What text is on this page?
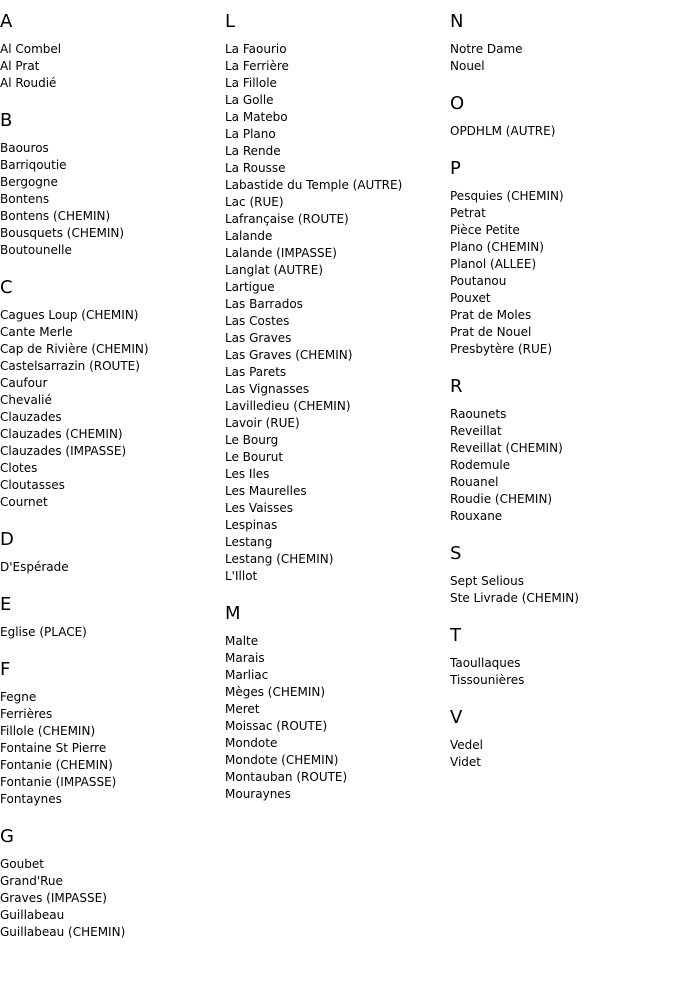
A
Al Combel
Al Prat
Al Roudié
B
Baouros
Barriqoutie
Bergogne
Bontens
Bontens (CHEMIN)
Bousquets (CHEMIN)
Boutounelle
C
Cagues Loup (CHEMIN)
Cante Merle
Cap de Rivière (CHEMIN)
Castelsarrazin (ROUTE)
Caufour
Chevalié
Clauzades
Clauzades (CHEMIN)
Clauzades (IMPASSE)
Clotes
Cloutasses
Cournet
D
D'Espérade
E
Eglise (PLACE)
F
Fegne
Ferrières
Fillole (CHEMIN)
Fontaine St Pierre
Fontanie (CHEMIN)
Fontanie (IMPASSE)
Fontaynes
G
Goubet
Grand'Rue
Graves (IMPASSE)
Guillabeau
Guillabeau (CHEMIN)
L
La Faourio
La Ferrière
La Fillole
La Golle
La Matebo
La Plano
La Rende
La Rousse
Labastide du Temple (AUTRE)
Lac (RUE)
Lafrançaise (ROUTE)
Lalande
Lalande (IMPASSE)
Langlat (AUTRE)
Lartigue
Las Barrados
Las Costes
Las Graves
Las Graves (CHEMIN)
Las Parets
Las Vignasses
Lavilledieu (CHEMIN)
Lavoir (RUE)
Le Bourg
Le Bourut
Les Iles
Les Maurelles
Les Vaisses
Lespinas
Lestang
Lestang (CHEMIN)
L'Illot
M
Malte
Marais
Marliac
Mèges (CHEMIN)
Meret
Moissac (ROUTE)
Mondote
Mondote (CHEMIN)
Montauban (ROUTE)
Mouraynes
N
Notre Dame
Nouel
O
OPDHLM (AUTRE)
P
Pesquies (CHEMIN)
Petrat
Pièce Petite
Plano (CHEMIN)
Planol (ALLEE)
Poutanou
Pouxet
Prat de Moles
Prat de Nouel
Presbytère (RUE)
R
Raounets
Reveillat
Reveillat (CHEMIN)
Rodemule
Rouanel
Roudie (CHEMIN)
Rouxane
S
Sept Selious
Ste Livrade (CHEMIN)
T
Taoullaques
Tissounières
V
Vedel
Videt
